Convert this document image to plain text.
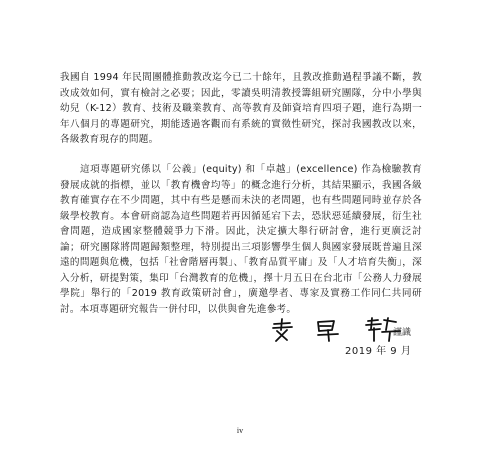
我國自 1994 年民間團體推動教改迄今已二十餘年，且教改推動過程爭議不斷，教改成效如何，實有檢討之必要；因此，零讀吳明清教授籌組研究團隊，分中小學與幼兒（K-12）教育、技術及職業教育、高等教育及師資培育四項子題，進行為期一年八個月的專題研究，期能透過客觀而有系統的實徵性研究，探討我國教改以來，各級教育現存的問題。

這項專題研究係以「公義」(equity) 和「卓越」(excellence) 作為檢驗教育發展成就的指標，並以「教育機會均等」的概念進行分析，其結果顯示，我國各級教育確實存在不少問題，其中有些是懸而未決的老問題，也有些問題同時並存於各級學校教育。本會研商認為這些問題若再因循延宕下去，恐狀惡延續發展，衍生社會問題，造成國家整體競爭力下滑。因此，決定擴大舉行研討會，進行更廣泛討論；研究團隊將問題歸類整理，特別提出三項影響學生個人與國家發展既普遍且深遠的問題與危機，包括「社會階層再製」、「教育品質平庸」及「人才培育失衡」，深入分析，研提對策，集印「台灣教育的危機」，擇十月五日在台北市「公務人力發展學院」舉行的「2019 教育政策研討會」，廣邀學者、專家及實務工作同仁共同研討。本項專題研究報告一併付印，以供與會先進參考。

謹識
2019 年 9 月
iv
